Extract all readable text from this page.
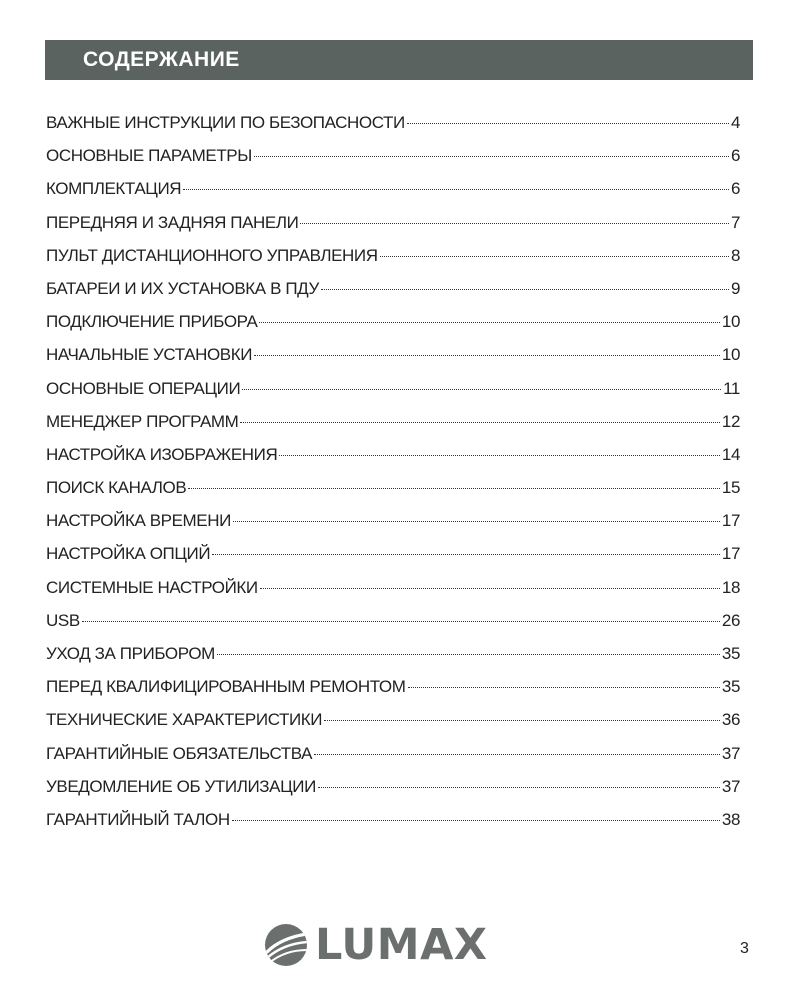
СОДЕРЖАНИЕ
ВАЖНЫЕ ИНСТРУКЦИИ ПО БЕЗОПАСНОСТИ	4
ОСНОВНЫЕ ПАРАМЕТРЫ	6
КОМПЛЕКТАЦИЯ	6
ПЕРЕДНЯЯ И ЗАДНЯЯ ПАНЕЛИ	7
ПУЛЬТ ДИСТАНЦИОННОГО УПРАВЛЕНИЯ	8
БАТАРЕИ И ИХ УСТАНОВКА В ПДУ	9
ПОДКЛЮЧЕНИЕ ПРИБОРА	10
НАЧАЛЬНЫЕ УСТАНОВКИ	10
ОСНОВНЫЕ ОПЕРАЦИИ	11
МЕНЕДЖЕР ПРОГРАММ	12
НАСТРОЙКА ИЗОБРАЖЕНИЯ	14
ПОИСК КАНАЛОВ	15
НАСТРОЙКА ВРЕМЕНИ	17
НАСТРОЙКА ОПЦИЙ	17
СИСТЕМНЫЕ НАСТРОЙКИ	18
USB	26
УХОД ЗА ПРИБОРОМ	35
ПЕРЕД КВАЛИФИЦИРОВАННЫМ РЕМОНТОМ	35
ТЕХНИЧЕСКИЕ ХАРАКТЕРИСТИКИ	36
ГАРАНТИЙНЫЕ ОБЯЗАТЕЛЬСТВА	37
УВЕДОМЛЕНИЕ ОБ УТИЛИЗАЦИИ	37
ГАРАНТИЙНЫЙ ТАЛОН	38
LUMAX	3
